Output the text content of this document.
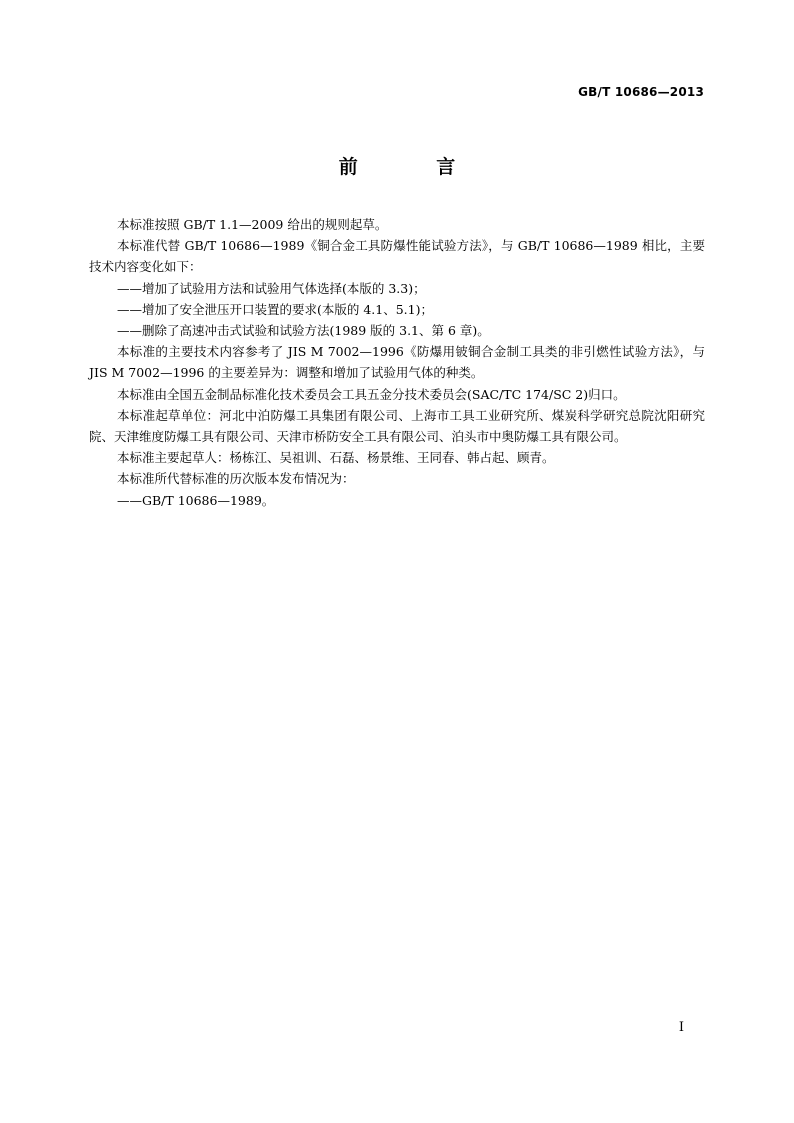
GB/T 10686—2013
前 言

本标准按照 GB/T 1.1—2009 给出的规则起草。

本标准代替 GB/T 10686—1989《铜合金工具防爆性能试验方法》，与 GB/T 10686—1989 相比，主要技术内容变化如下：

——增加了试验用方法和试验用气体选择(本版的 3.3)；

——增加了安全泄压开口装置的要求(本版的 4.1、5.1)；

——删除了高速冲击式试验和试验方法(1989 版的 3.1、第 6 章)。

本标准的主要技术内容参考了 JIS M 7002—1996《防爆用铍铜合金制工具类的非引燃性试验方法》，与 JIS M 7002—1996 的主要差异为：调整和增加了试验用气体的种类。

本标准由全国五金制品标准化技术委员会工具五金分技术委员会(SAC/TC 174/SC 2)归口。

本标准起草单位：河北中泊防爆工具集团有限公司、上海市工具工业研究所、煤炭科学研究总院沈阳研究院、天津维度防爆工具有限公司、天津市桥防安全工具有限公司、泊头市中奥防爆工具有限公司。

本标准主要起草人：杨栋江、吴祖训、石磊、杨景维、王同春、韩占起、顾青。

本标准所代替标准的历次版本发布情况为：

——GB/T 10686—1989。

I
